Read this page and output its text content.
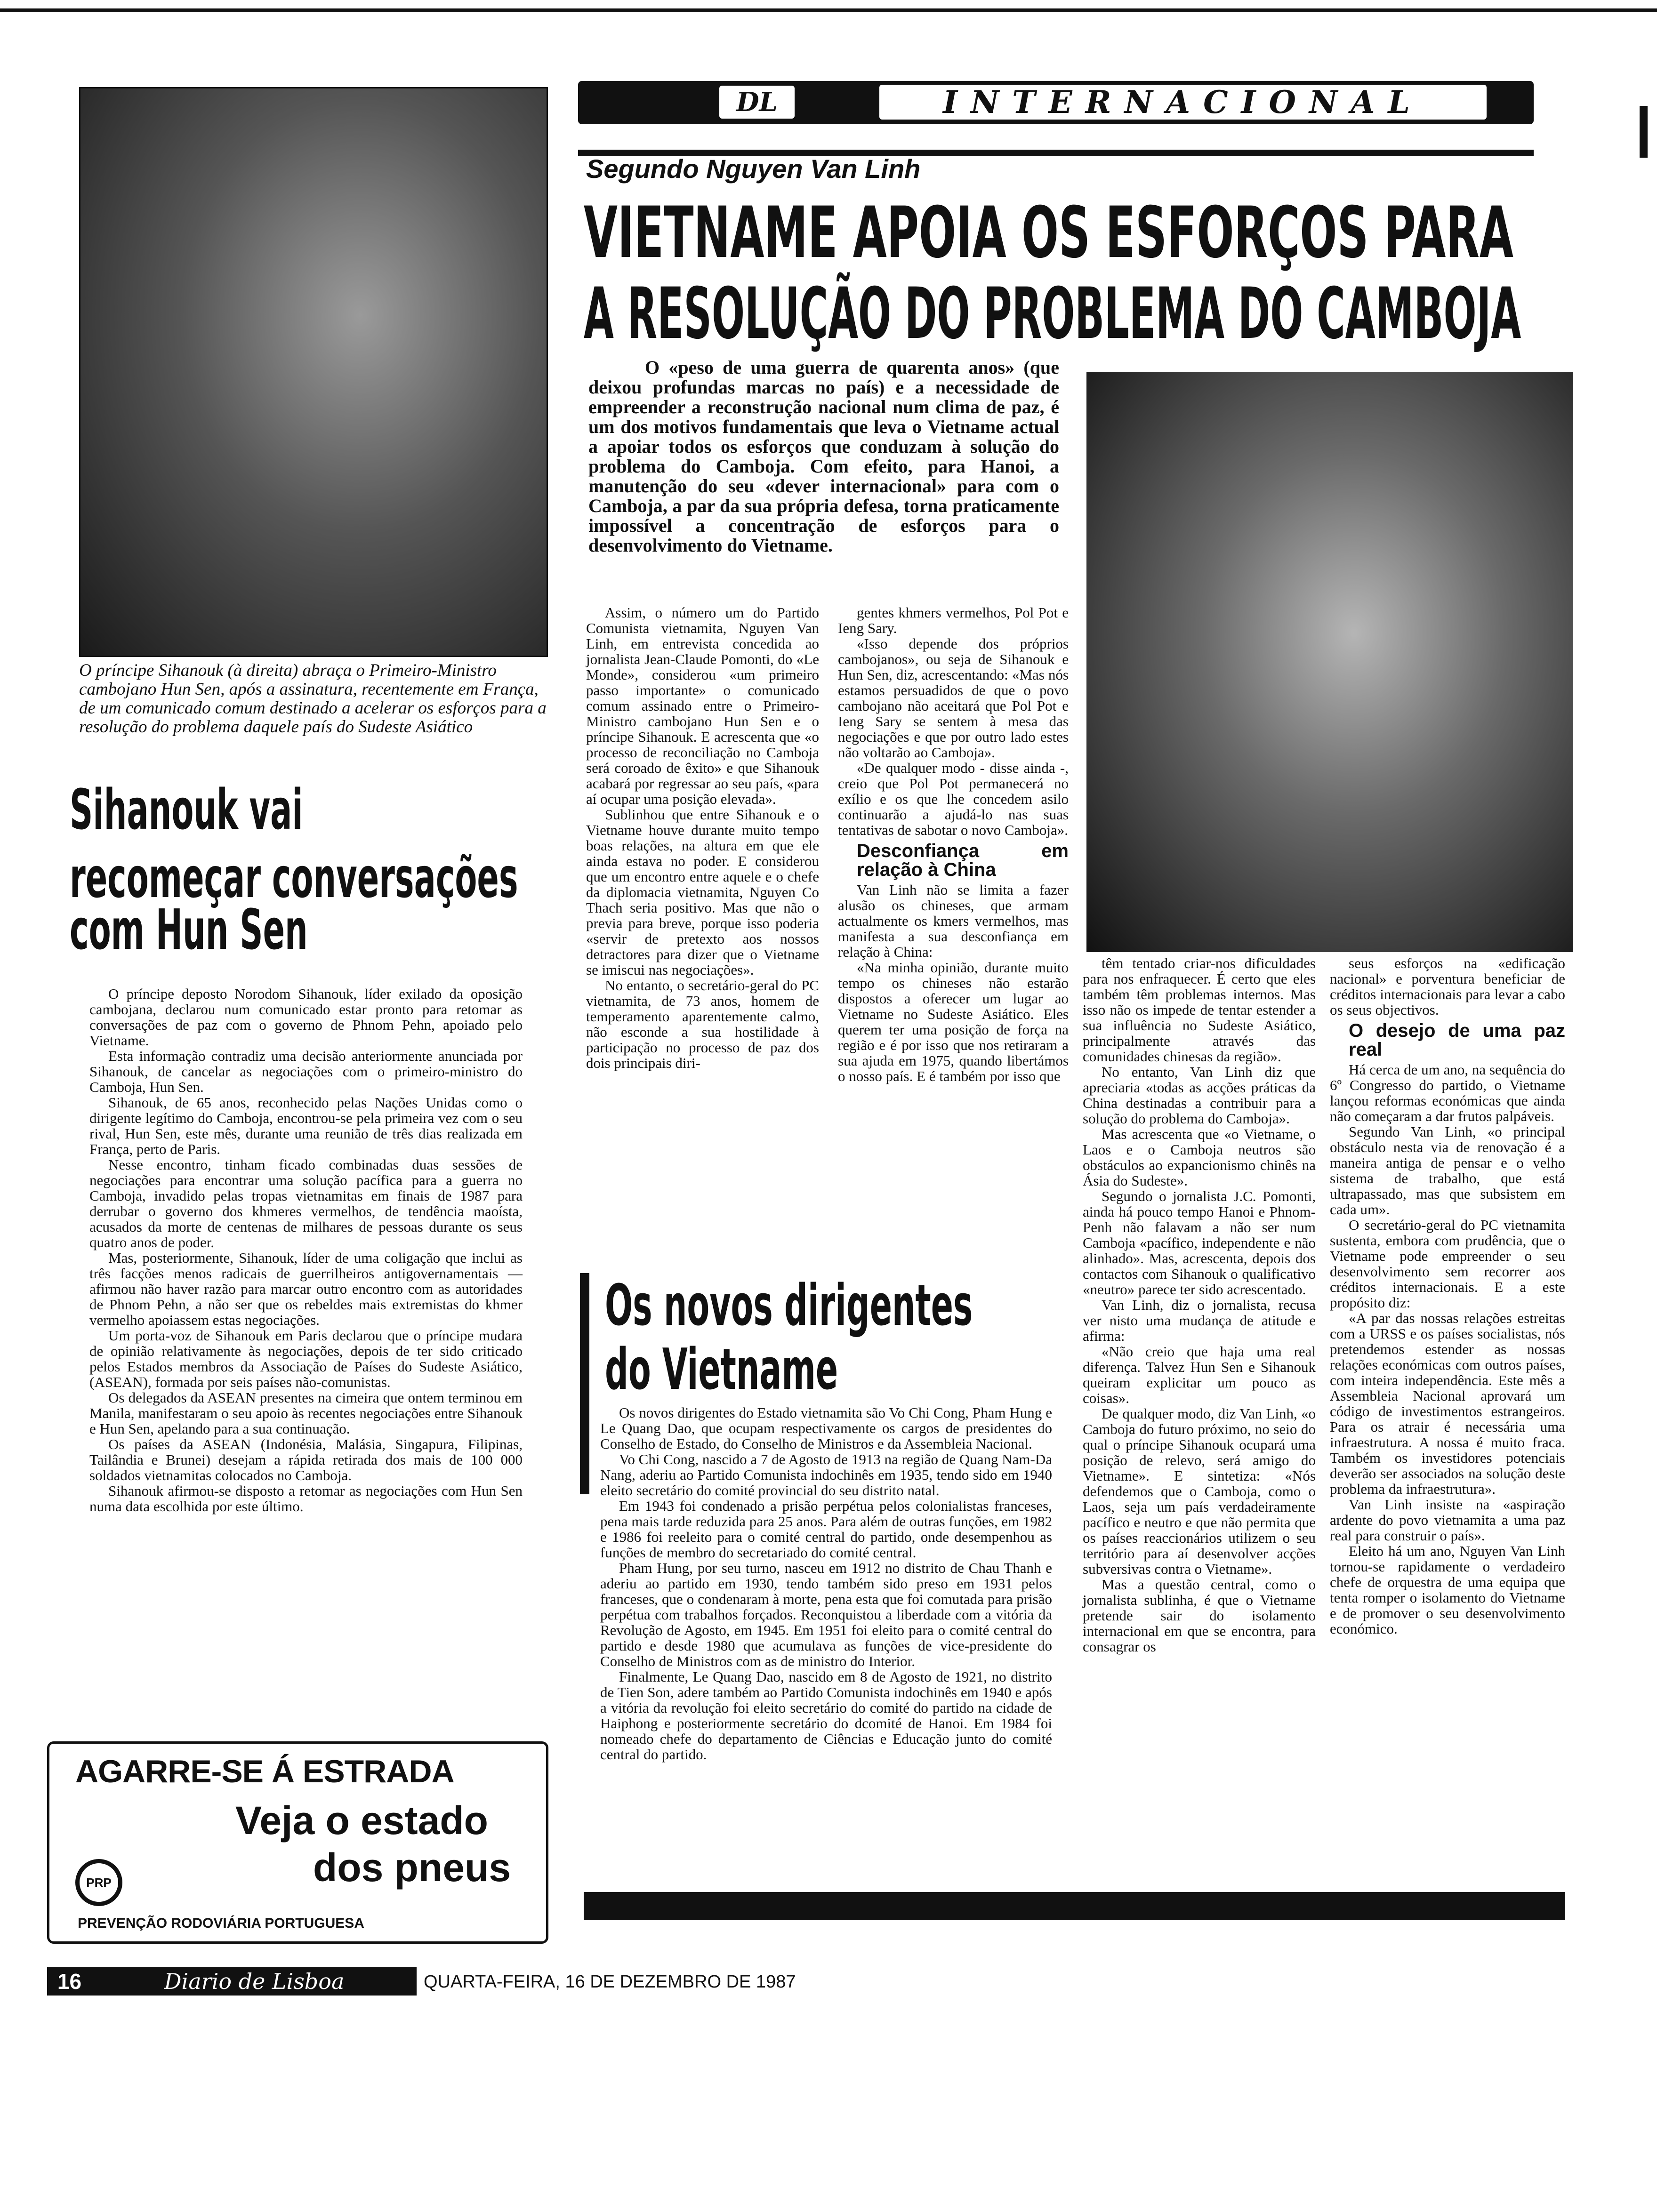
O príncipe Sihanouk (à direita) abraça o Primeiro-Ministro cambojano Hun Sen, após a assinatura, recentemente em França, de um comunicado comum destinado a acelerar os esforços para a resolução do problema daquele país do Sudeste Asiático
Sihanouk vai
recomeçar conversações
com Hun Sen

O príncipe deposto Norodom Sihanouk, líder exilado da oposição cambojana, declarou num comunicado estar pronto para retomar as conversações de paz com o governo de Phnom Pehn, apoiado pelo Vietname.

Esta informação contradiz uma decisão anteriormente anunciada por Sihanouk, de cancelar as negociações com o primeiro-ministro do Camboja, Hun Sen.

Sihanouk, de 65 anos, reconhecido pelas Nações Unidas como o dirigente legítimo do Camboja, encontrou-se pela primeira vez com o seu rival, Hun Sen, este mês, durante uma reunião de três dias realizada em França, perto de Paris.

Nesse encontro, tinham ficado combinadas duas sessões de negociações para encontrar uma solução pacífica para a guerra no Camboja, invadido pelas tropas vietnamitas em finais de 1987 para derrubar o governo dos khmeres vermelhos, de tendência maoísta, acusados da morte de centenas de milhares de pessoas durante os seus quatro anos de poder.

Mas, posteriormente, Sihanouk, líder de uma coligação que inclui as três facções menos radicais de guerrilheiros antigovernamentais — afirmou não haver razão para marcar outro encontro com as autoridades de Phnom Pehn, a não ser que os rebeldes mais extremistas do khmer vermelho apoiassem estas negociações.

Um porta-voz de Sihanouk em Paris declarou que o príncipe mudara de opinião relativamente às negociações, depois de ter sido criticado pelos Estados membros da Associação de Países do Sudeste Asiático, (ASEAN), formada por seis países não-comunistas.

Os delegados da ASEAN presentes na cimeira que ontem terminou em Manila, manifestaram o seu apoio às recentes negociações entre Sihanouk e Hun Sen, apelando para a sua continuação.

Os países da ASEAN (Indonésia, Malásia, Singapura, Filipinas, Tailândia e Brunei) desejam a rápida retirada dos mais de 100 000 soldados vietnamitas colocados no Camboja.

Sihanouk afirmou-se disposto a retomar as negociações com Hun Sen numa data escolhida por este último.

AGARRE-SE Á ESTRADA
Veja o estado
dos pneus
PRP
PREVENÇÃO RODOVIÁRIA PORTUGUESA
DL	INTERNACIONAL
Segundo Nguyen Van Linh
VIETNAME APOIA OS ESFORÇOS PARA
A RESOLUÇÃO DO PROBLEMA DO CAMBOJA

O «peso de uma guerra de quarenta anos» (que deixou profundas marcas no país) e a necessidade de empreender a reconstrução nacional num clima de paz, é um dos motivos fundamentais que leva o Vietname actual a apoiar todos os esforços que conduzam à solução do problema do Camboja. Com efeito, para Hanoi, a manutenção do seu «dever internacional» para com o Camboja, a par da sua própria defesa, torna praticamente impossível a concentração de esforços para o desenvolvimento do Vietname.

Assim, o número um do Partido Comunista vietnamita, Nguyen Van Linh, em entrevista concedida ao jornalista Jean-Claude Pomonti, do «Le Monde», considerou «um primeiro passo importante» o comunicado comum assinado entre o Primeiro-Ministro cambojano Hun Sen e o príncipe Sihanouk. E acrescenta que «o processo de reconciliação no Camboja será coroado de êxito» e que Sihanouk acabará por regressar ao seu país, «para aí ocupar uma posição elevada».

Sublinhou que entre Sihanouk e o Vietname houve durante muito tempo boas relações, na altura em que ele ainda estava no poder. E considerou que um encontro entre aquele e o chefe da diplomacia vietnamita, Nguyen Co Thach seria positivo. Mas que não o previa para breve, porque isso poderia «servir de pretexto aos nossos detractores para dizer que o Vietname se imiscui nas negociações».

No entanto, o secretário-geral do PC vietnamita, de 73 anos, homem de temperamento aparentemente calmo, não esconde a sua hostilidade à participação no processo de paz dos dois principais diri-

gentes khmers vermelhos, Pol Pot e Ieng Sary.

«Isso depende dos próprios cambojanos», ou seja de Sihanouk e Hun Sen, diz, acrescentando: «Mas nós estamos persuadidos de que o povo cambojano não aceitará que Pol Pot e Ieng Sary se sentem à mesa das negociações e que por outro lado estes não voltarão ao Camboja».

«De qualquer modo - disse ainda -, creio que Pol Pot permanecerá no exílio e os que lhe concedem asilo continuarão a ajudá-lo nas suas tentativas de sabotar o novo Camboja».

Desconfiança em relação à China

Van Linh não se limita a fazer alusão os chineses, que armam actualmente os kmers vermelhos, mas manifesta a sua desconfiança em relação à China:

«Na minha opinião, durante muito tempo os chineses não estarão dispostos a oferecer um lugar ao Vietname no Sudeste Asiático. Eles querem ter uma posição de força na região e é por isso que nos retiraram a sua ajuda em 1975, quando libertámos o nosso país. E é também por isso que

têm tentado criar-nos dificuldades para nos enfraquecer. É certo que eles também têm problemas internos. Mas isso não os impede de tentar estender a sua influência no Sudeste Asiático, principalmente através das comunidades chinesas da região».

No entanto, Van Linh diz que apreciaria «todas as acções práticas da China destinadas a contribuir para a solução do problema do Camboja».

Mas acrescenta que «o Vietname, o Laos e o Camboja neutros são obstáculos ao expancionismo chinês na Ásia do Sudeste».

Segundo o jornalista J.C. Pomonti, ainda há pouco tempo Hanoi e Phnom-Penh não falavam a não ser num Camboja «pacífico, independente e não alinhado». Mas, acrescenta, depois dos contactos com Sihanouk o qualificativo «neutro» parece ter sido acrescentado.

Van Linh, diz o jornalista, recusa ver nisto uma mudança de atitude e afirma:

«Não creio que haja uma real diferença. Talvez Hun Sen e Sihanouk queiram explicitar um pouco as coisas».

De qualquer modo, diz Van Linh, «o Camboja do futuro próximo, no seio do qual o príncipe Sihanouk ocupará uma posição de relevo, será amigo do Vietname». E sintetiza: «Nós defendemos que o Camboja, como o Laos, seja um país verdadeiramente pacífico e neutro e que não permita que os países reaccionários utilizem o seu território para aí desenvolver acções subversivas contra o Vietname».

Mas a questão central, como o jornalista sublinha, é que o Vietname pretende sair do isolamento internacional em que se encontra, para consagrar os

seus esforços na «edificação nacional» e porventura beneficiar de créditos internacionais para levar a cabo os seus objectivos.

O desejo de uma paz real

Há cerca de um ano, na sequência do 6º Congresso do partido, o Vietname lançou reformas económicas que ainda não começaram a dar frutos palpáveis.

Segundo Van Linh, «o principal obstáculo nesta via de renovação é a maneira antiga de pensar e o velho sistema de trabalho, que está ultrapassado, mas que subsistem em cada um».

O secretário-geral do PC vietnamita sustenta, embora com prudência, que o Vietname pode empreender o seu desenvolvimento sem recorrer aos créditos internacionais. E a este propósito diz:

«A par das nossas relações estreitas com a URSS e os países socialistas, nós pretendemos estender as nossas relações económicas com outros países, com inteira independência. Este mês a Assembleia Nacional aprovará um código de investimentos estrangeiros. Para os atrair é necessária uma infraestrutura. A nossa é muito fraca. Também os investidores potenciais deverão ser associados na solução deste problema da infraestrutura».

Van Linh insiste na «aspiração ardente do povo vietnamita a uma paz real para construir o país».

Eleito há um ano, Nguyen Van Linh tornou-se rapidamente o verdadeiro chefe de orquestra de uma equipa que tenta romper o isolamento do Vietname e de promover o seu desenvolvimento económico.

Os novos dirigentes
do Vietname

Os novos dirigentes do Estado vietnamita são Vo Chi Cong, Pham Hung e Le Quang Dao, que ocupam respectivamente os cargos de presidentes do Conselho de Estado, do Conselho de Ministros e da Assembleia Nacional.

Vo Chi Cong, nascido a 7 de Agosto de 1913 na região de Quang Nam-Da Nang, aderiu ao Partido Comunista indochinês em 1935, tendo sido em 1940 eleito secretário do comité provincial do seu distrito natal.

Em 1943 foi condenado a prisão perpétua pelos colonialistas franceses, pena mais tarde reduzida para 25 anos. Para além de outras funções, em 1982 e 1986 foi reeleito para o comité central do partido, onde desempenhou as funções de membro do secretariado do comité central.

Pham Hung, por seu turno, nasceu em 1912 no distrito de Chau Thanh e aderiu ao partido em 1930, tendo também sido preso em 1931 pelos franceses, que o condenaram à morte, pena esta que foi comutada para prisão perpétua com trabalhos forçados. Reconquistou a liberdade com a vitória da Revolução de Agosto, em 1945. Em 1951 foi eleito para o comité central do partido e desde 1980 que acumulava as funções de vice-presidente do Conselho de Ministros com as de ministro do Interior.

Finalmente, Le Quang Dao, nascido em 8 de Agosto de 1921, no distrito de Tien Son, adere também ao Partido Comunista indochinês em 1940 e após a vitória da revolução foi eleito secretário do comité do partido na cidade de Haiphong e posteriormente secretário do dcomité de Hanoi. Em 1984 foi nomeado chefe do departamento de Ciências e Educação junto do comité central do partido.

16	Diario de Lisboa	QUARTA-FEIRA, 16 DE DEZEMBRO DE 1987
